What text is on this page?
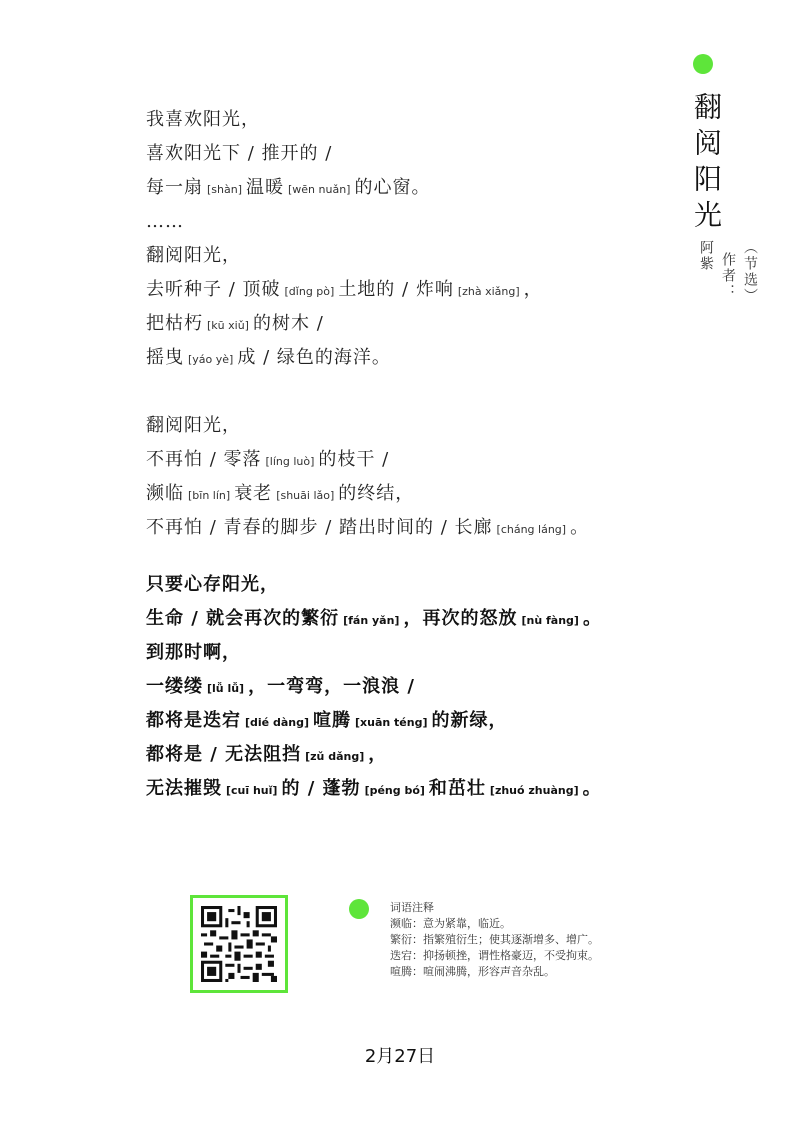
翻阅阳光
（节选）
作者：
阿紫
我喜欢阳光，
喜欢阳光下 / 推开的 /
每一扇 [shàn] 温暖 [wēn nuǎn] 的心窗。
……
翻阅阳光，
去听种子 / 顶破 [dǐng pò] 土地的 / 炸响 [zhà xiǎng] ，
把枯朽 [kū xiǔ] 的树木 /
摇曳 [yáo yè] 成 / 绿色的海洋。
翻阅阳光，
不再怕 / 零落 [líng luò] 的枝干 /
濒临 [bīn lín] 衰老 [shuāi lǎo] 的终结，
不再怕 / 青春的脚步 / 踏出时间的 / 长廊 [cháng láng] 。
只要心存阳光，
生命 / 就会再次的繁衍 [fán yǎn] ，再次的怒放 [nù fàng] 。
到那时啊，
一缕缕 [lǚ lǚ] ，一弯弯，一浪浪 /
都将是迭宕 [dié dàng] 喧腾 [xuān téng] 的新绿，
都将是 / 无法阻挡 [zǔ dǎng] ，
无法摧毁 [cuī huǐ] 的 / 蓬勃 [péng bó] 和茁壮 [zhuó zhuàng] 。
词语注释
濒临：意为紧靠，临近。
繁衍：指繁殖衍生；使其逐渐增多、增广。
迭宕：抑扬顿挫，谓性格豪迈，不受拘束。
喧腾：喧闹沸腾，形容声音杂乱。
2月27日
